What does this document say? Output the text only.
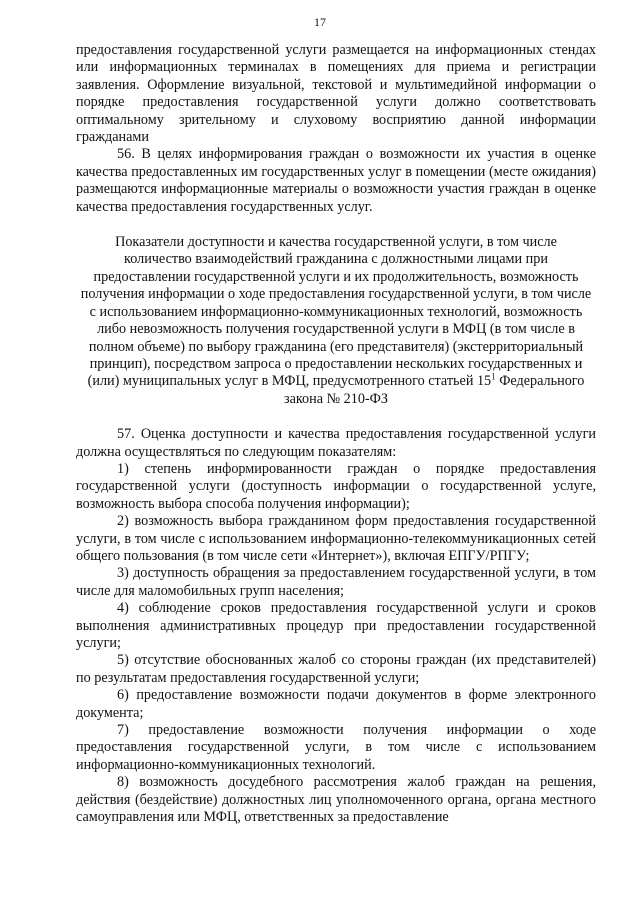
17

предоставления государственной услуги размещается на информационных стендах или информационных терминалах в помещениях для приема и регистрации заявления. Оформление визуальной, текстовой и мультимедийной информации о порядке предоставления государственной услуги должно соответствовать оптимальному зрительному и слуховому восприятию данной информации гражданами

56. В целях информирования граждан о возможности их участия в оценке качества предоставленных им государственных услуг в помещении (месте ожидания) размещаются информационные материалы о возможности участия граждан в оценке качества предоставления государственных услуг.

Показатели доступности и качества государственной услуги, в том числе количество взаимодействий гражданина с должностными лицами при предоставлении государственной услуги и их продолжительность, возможность получения информации о ходе предоставления государственной услуги, в том числе с использованием информационно-коммуникационных технологий, возможность либо невозможность получения государственной услуги в МФЦ (в том числе в полном объеме) по выбору гражданина (его представителя) (экстерриториальный принцип), посредством запроса о предоставлении нескольких государственных и (или) муниципальных услуг в МФЦ, предусмотренного статьей $15^1$ Федерального закона № 210-ФЗ

57. Оценка доступности и качества предоставления государственной услуги должна осуществляться по следующим показателям:

1) степень информированности граждан о порядке предоставления государственной услуги (доступность информации о государственной услуге, возможность выбора способа получения информации);

2) возможность выбора гражданином форм предоставления государственной услуги, в том числе с использованием информационно-телекоммуникационных сетей общего пользования (в том числе сети «Интернет»), включая ЕПГУ/РПГУ;

3) доступность обращения за предоставлением государственной услуги, в том числе для маломобильных групп населения;

4) соблюдение сроков предоставления государственной услуги и сроков выполнения административных процедур при предоставлении государственной услуги;

5) отсутствие обоснованных жалоб со стороны граждан (их представителей) по результатам предоставления государственной услуги;

6) предоставление возможности подачи документов в форме электронного документа;

7) предоставление возможности получения информации о ходе предоставления государственной услуги, в том числе с использованием информационно-коммуникационных технологий.

8) возможность досудебного рассмотрения жалоб граждан на решения, действия (бездействие) должностных лиц уполномоченного органа, органа местного самоуправления или МФЦ, ответственных за предоставление
